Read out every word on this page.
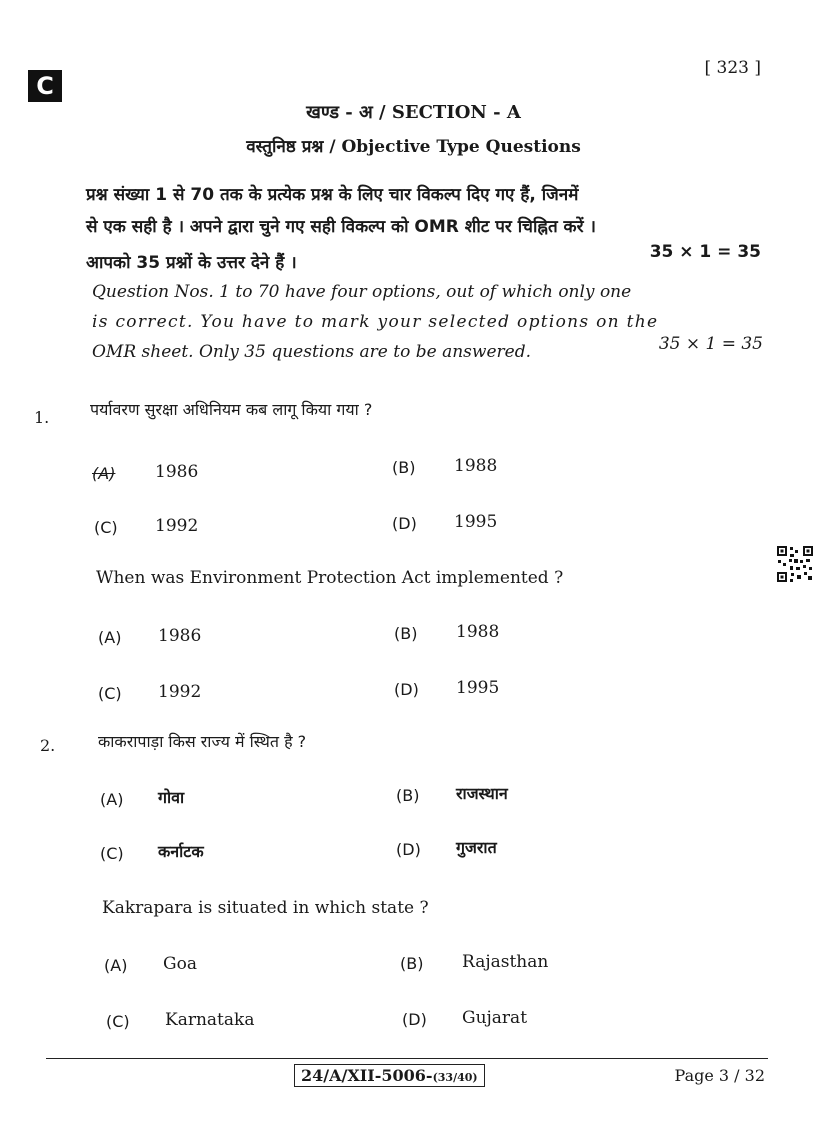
C
[ 323 ]
खण्ड - अ / SECTION - A
वस्तुनिष्ठ प्रश्न / Objective Type Questions
प्रश्न संख्या 1 से 70 तक के प्रत्येक प्रश्न के लिए चार विकल्प दिए गए हैं, जिनमें
से एक सही है । अपने द्वारा चुने गए सही विकल्प को OMR शीट पर चिह्नित करें ।
आपको 35 प्रश्नों के उत्तर देने हैं ।
35 × 1 = 35
Question Nos. 1 to 70 have four options, out of which only one
is correct. You have to mark your selected options on the
OMR sheet. Only 35 questions are to be answered.	35 × 1 = 35
1.	पर्यावरण सुरक्षा अधिनियम कब लागू किया गया ?
(A) 1986	(B) 1988
(C) 1992	(D) 1995
When was Environment Protection Act implemented ?
(A) 1986	(B) 1988
(C) 1992	(D) 1995
2.	काकरापाड़ा किस राज्य में स्थित है ?
(A) गोवा	(B) राजस्थान
(C) कर्नाटक	(D) गुजरात
Kakrapara is situated in which state ?
(A) Goa	(B) Rajasthan
(C) Karnataka	(D) Gujarat
24/A/XII-5006-(33/40)	Page 3 / 32
